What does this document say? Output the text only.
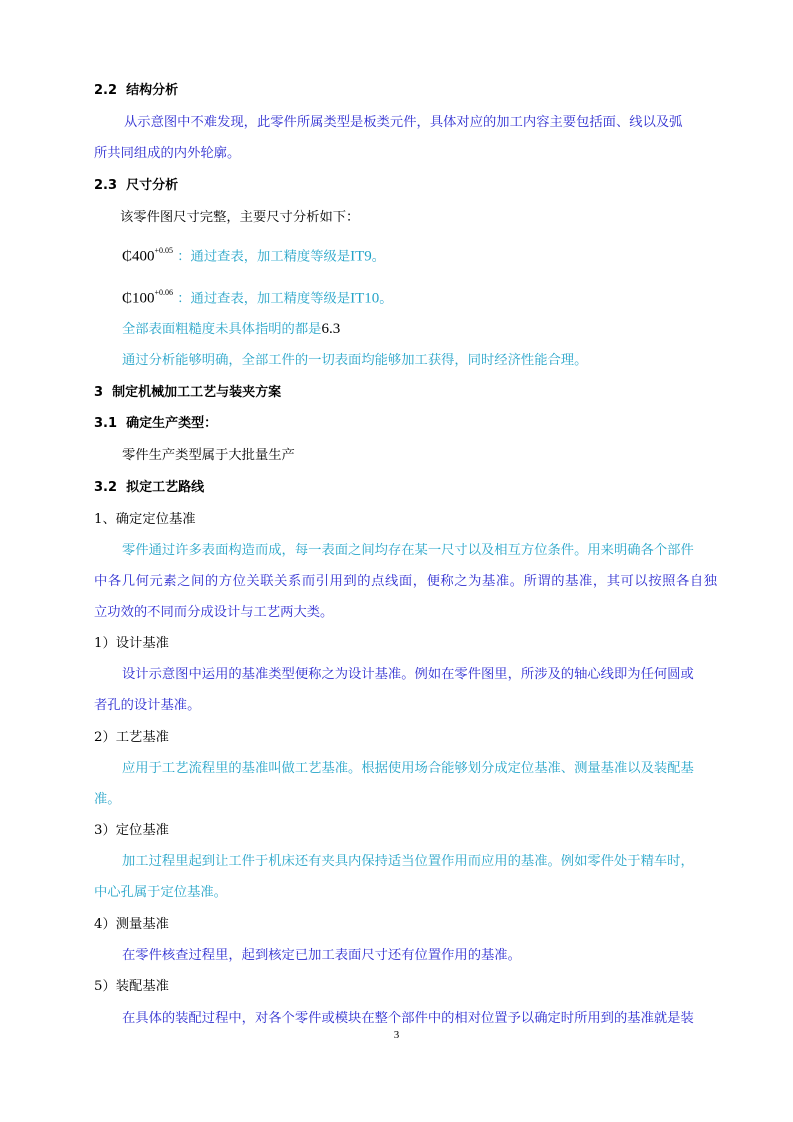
2.2 结构分析
从示意图中不难发现，此零件所属类型是板类元件，具体对应的加工内容主要包括面、线以及弧
所共同组成的内外轮廓。
2.3 尺寸分析
该零件图尺寸完整，主要尺寸分析如下：
$₵400^{+0.05}$ ：通过查表，加工精度等级是IT9。
$₵100^{+0.06}$ ：通过查表，加工精度等级是IT10。
全部表面粗糙度未具体指明的都是6.3
通过分析能够明确，全部工件的一切表面均能够加工获得，同时经济性能合理。
3 制定机械加工工艺与装夹方案
3.1 确定生产类型：
零件生产类型属于大批量生产
3.2 拟定工艺路线
1、确定定位基准
零件通过许多表面构造而成，每一表面之间均存在某一尺寸以及相互方位条件。用来明确各个部件
中各几何元素之间的方位关联关系而引用到的点线面，便称之为基准。所谓的基准，其可以按照各自独
立功效的不同而分成设计与工艺两大类。
1）设计基准
设计示意图中运用的基准类型便称之为设计基准。例如在零件图里，所涉及的轴心线即为任何圆或
者孔的设计基准。
2）工艺基准
应用于工艺流程里的基准叫做工艺基准。根据使用场合能够划分成定位基准、测量基准以及装配基
准。
3）定位基准
加工过程里起到让工件于机床还有夹具内保持适当位置作用而应用的基准。例如零件处于精车时，
中心孔属于定位基准。
4）测量基准
在零件核查过程里，起到核定已加工表面尺寸还有位置作用的基准。
5）装配基准
在具体的装配过程中，对各个零件或模块在整个部件中的相对位置予以确定时所用到的基准就是装
3
